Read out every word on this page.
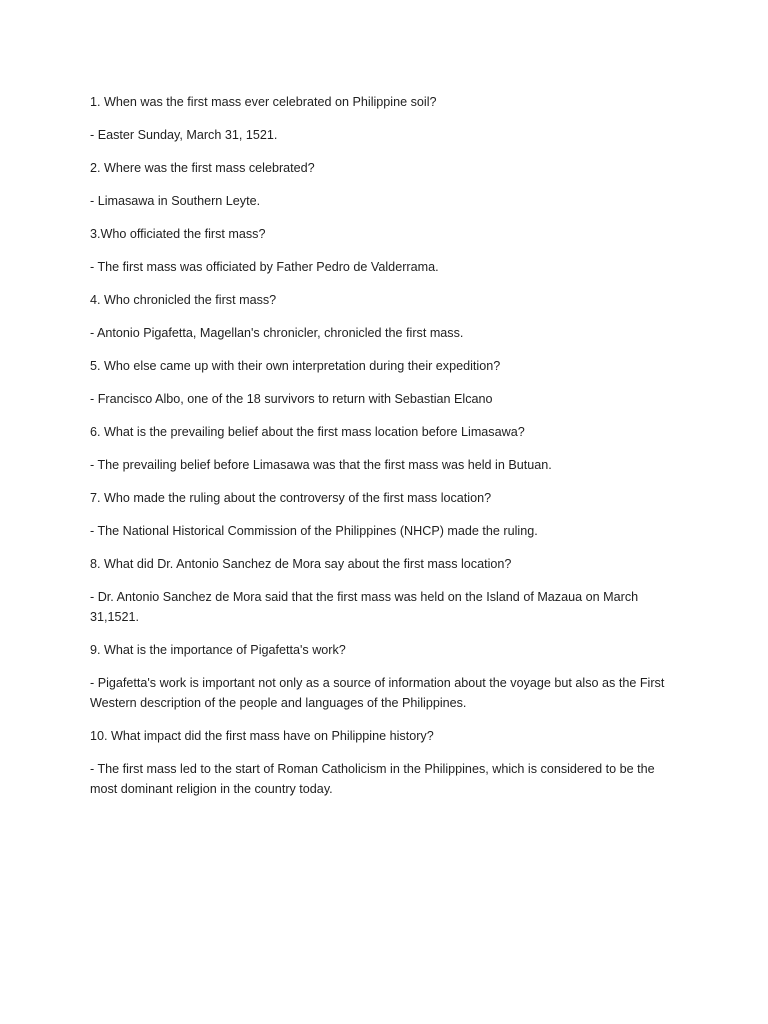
1. When was the first mass ever celebrated on Philippine soil?

- Easter Sunday, March 31, 1521.

2. Where was the first mass celebrated?

- Limasawa in Southern Leyte.

3.Who officiated the first mass?

- The first mass was officiated by Father Pedro de Valderrama.

4. Who chronicled the first mass?

- Antonio Pigafetta, Magellan's chronicler, chronicled the first mass.

5. Who else came up with their own interpretation during their expedition?

- Francisco Albo, one of the 18 survivors to return with Sebastian Elcano

6. What is the prevailing belief about the first mass location before Limasawa?

- The prevailing belief before Limasawa was that the first mass was held in Butuan.

7. Who made the ruling about the controversy of the first mass location?

- The National Historical Commission of the Philippines (NHCP) made the ruling.

8. What did Dr. Antonio Sanchez de Mora say about the first mass location?

- Dr. Antonio Sanchez de Mora said that the first mass was held on the Island of Mazaua on March 31,1521.

9. What is the importance of Pigafetta's work?

- Pigafetta's work is important not only as a source of information about the voyage but also as the First Western description of the people and languages of the Philippines.

10. What impact did the first mass have on Philippine history?

- The first mass led to the start of Roman Catholicism in the Philippines, which is considered to be the most dominant religion in the country today.
